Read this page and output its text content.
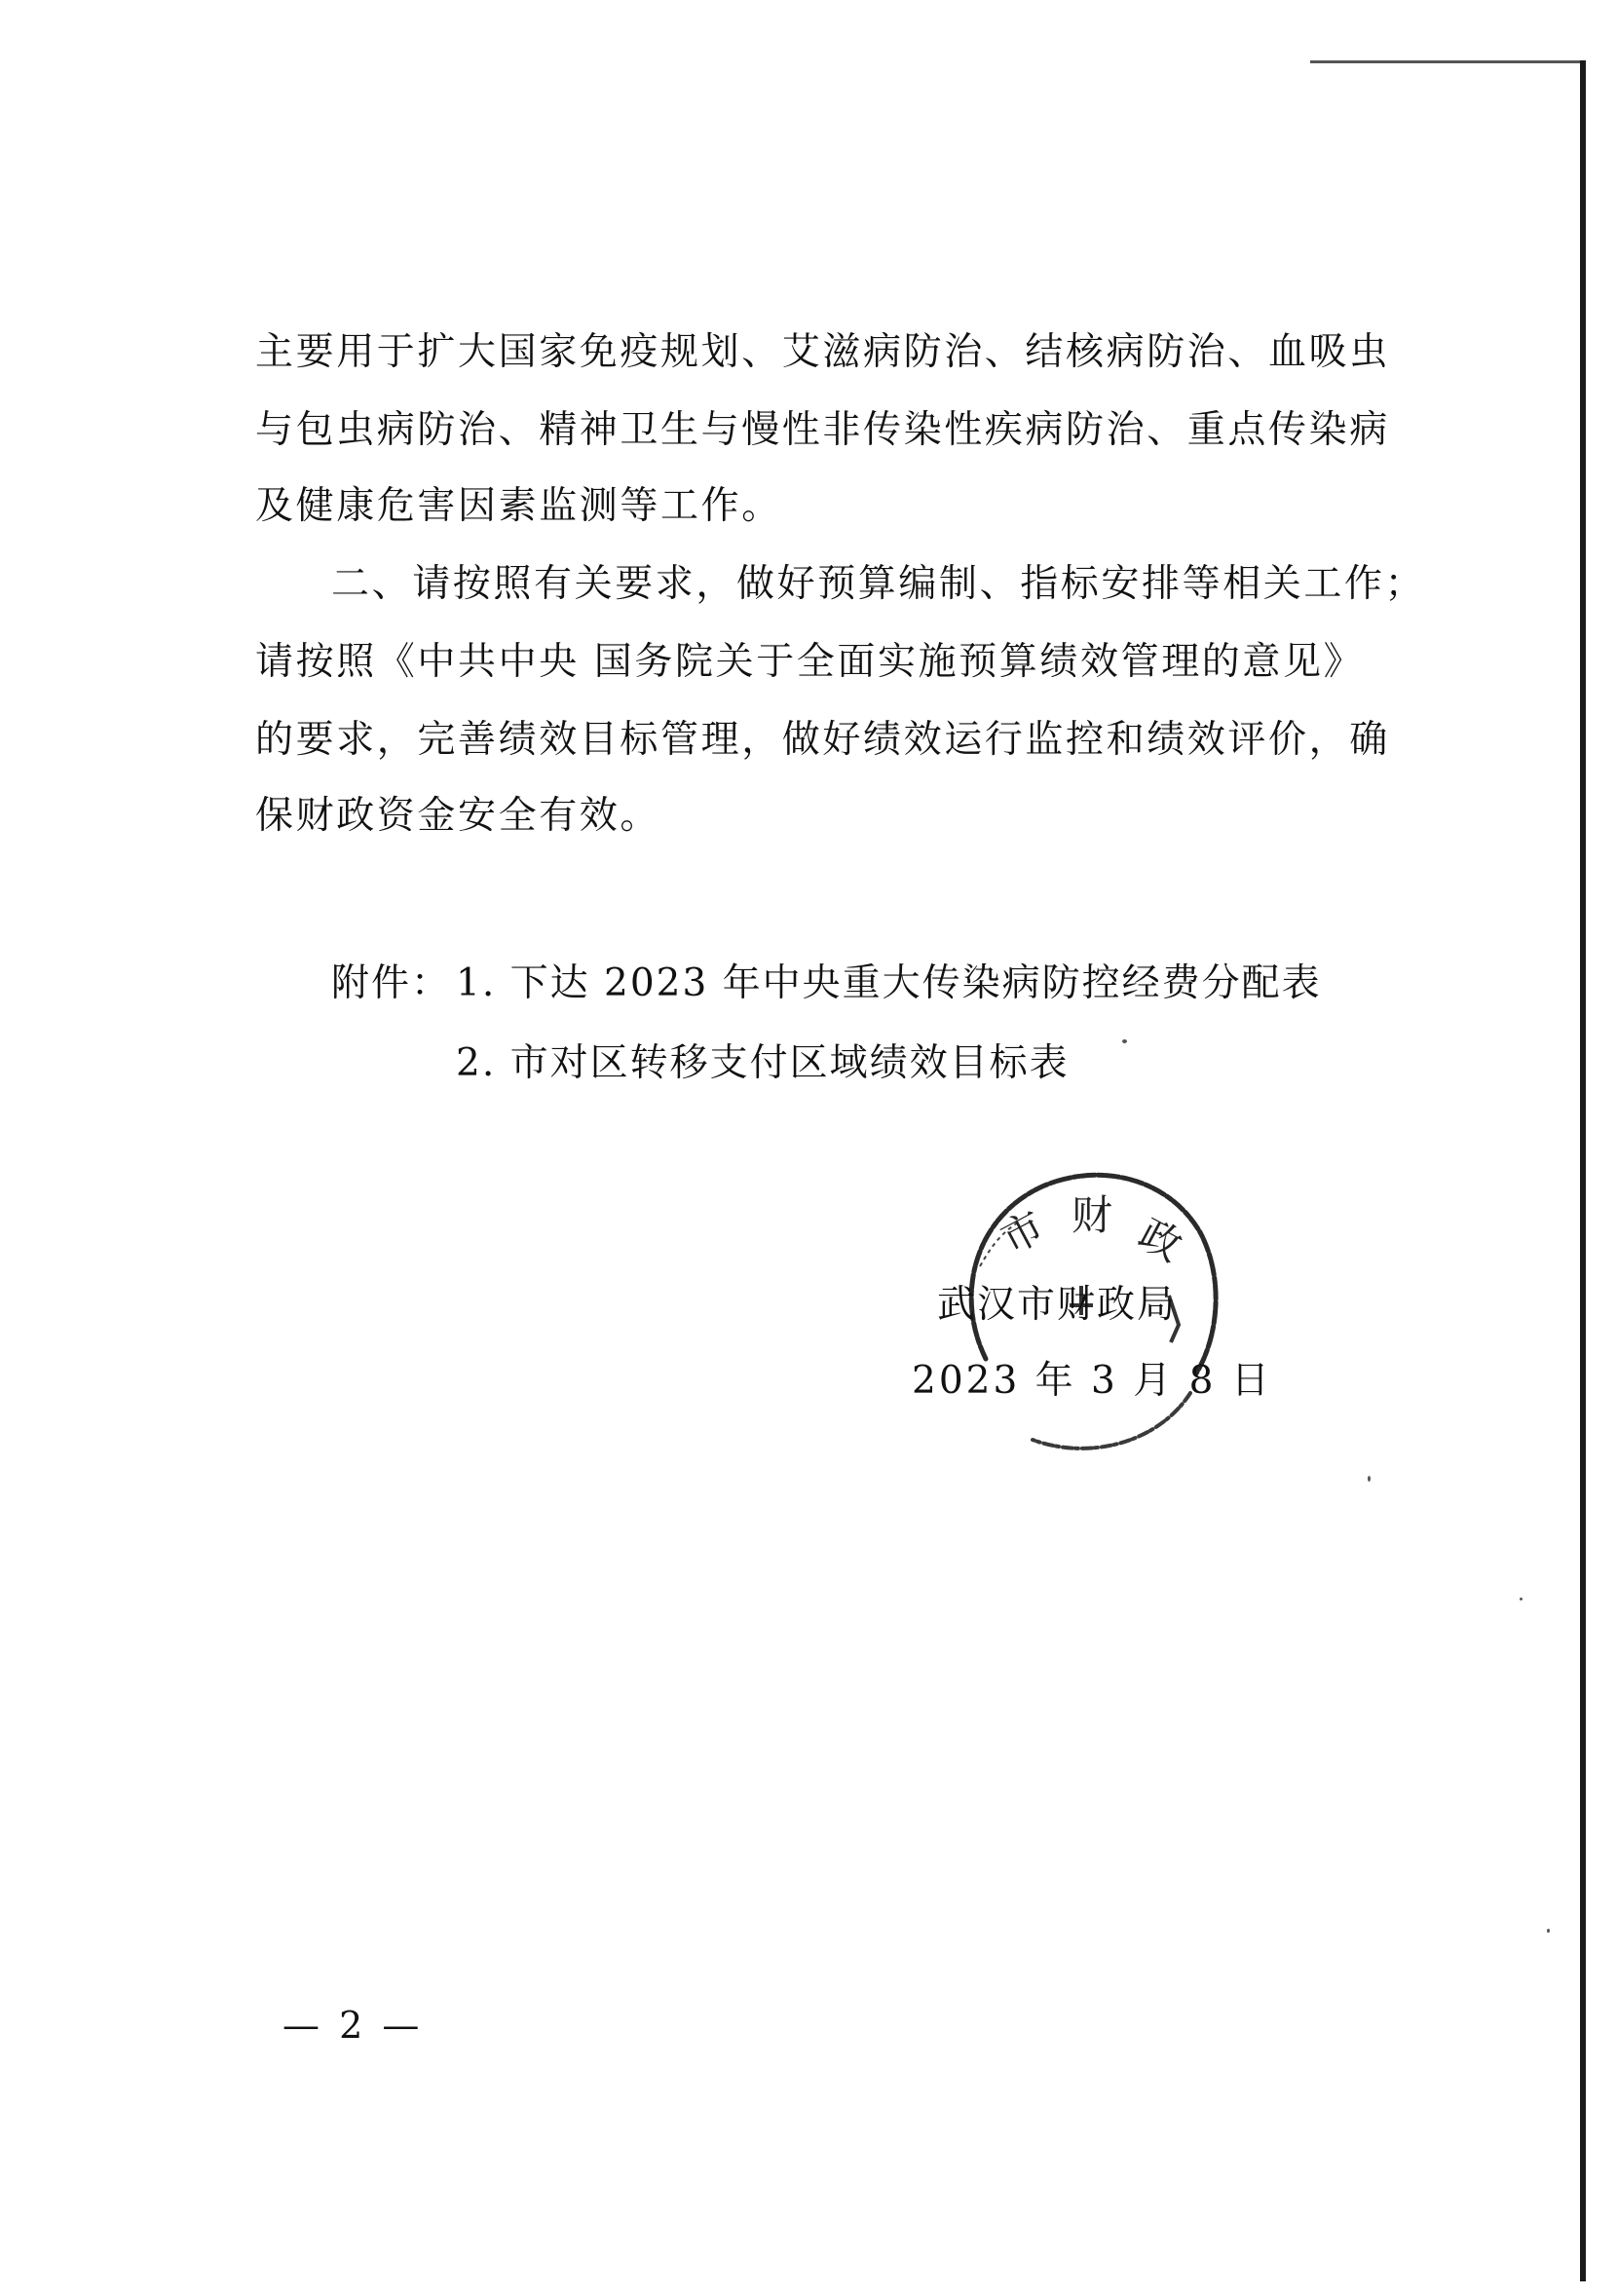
主要用于扩大国家免疫规划、艾滋病防治、结核病防治、血吸虫
与包虫病防治、精神卫生与慢性非传染性疾病防治、重点传染病
及健康危害因素监测等工作。
二、请按照有关要求，做好预算编制、指标安排等相关工作；
请按照《中共中央 国务院关于全面实施预算绩效管理的意见》
的要求，完善绩效目标管理，做好绩效运行监控和绩效评价，确
保财政资金安全有效。
附件： 1. 下达 2023 年中央重大传染病防控经费分配表
2. 市对区转移支付区域绩效目标表
市 财 政
武汉市财政局
2023 年 3 月 8 日
— 2 —
